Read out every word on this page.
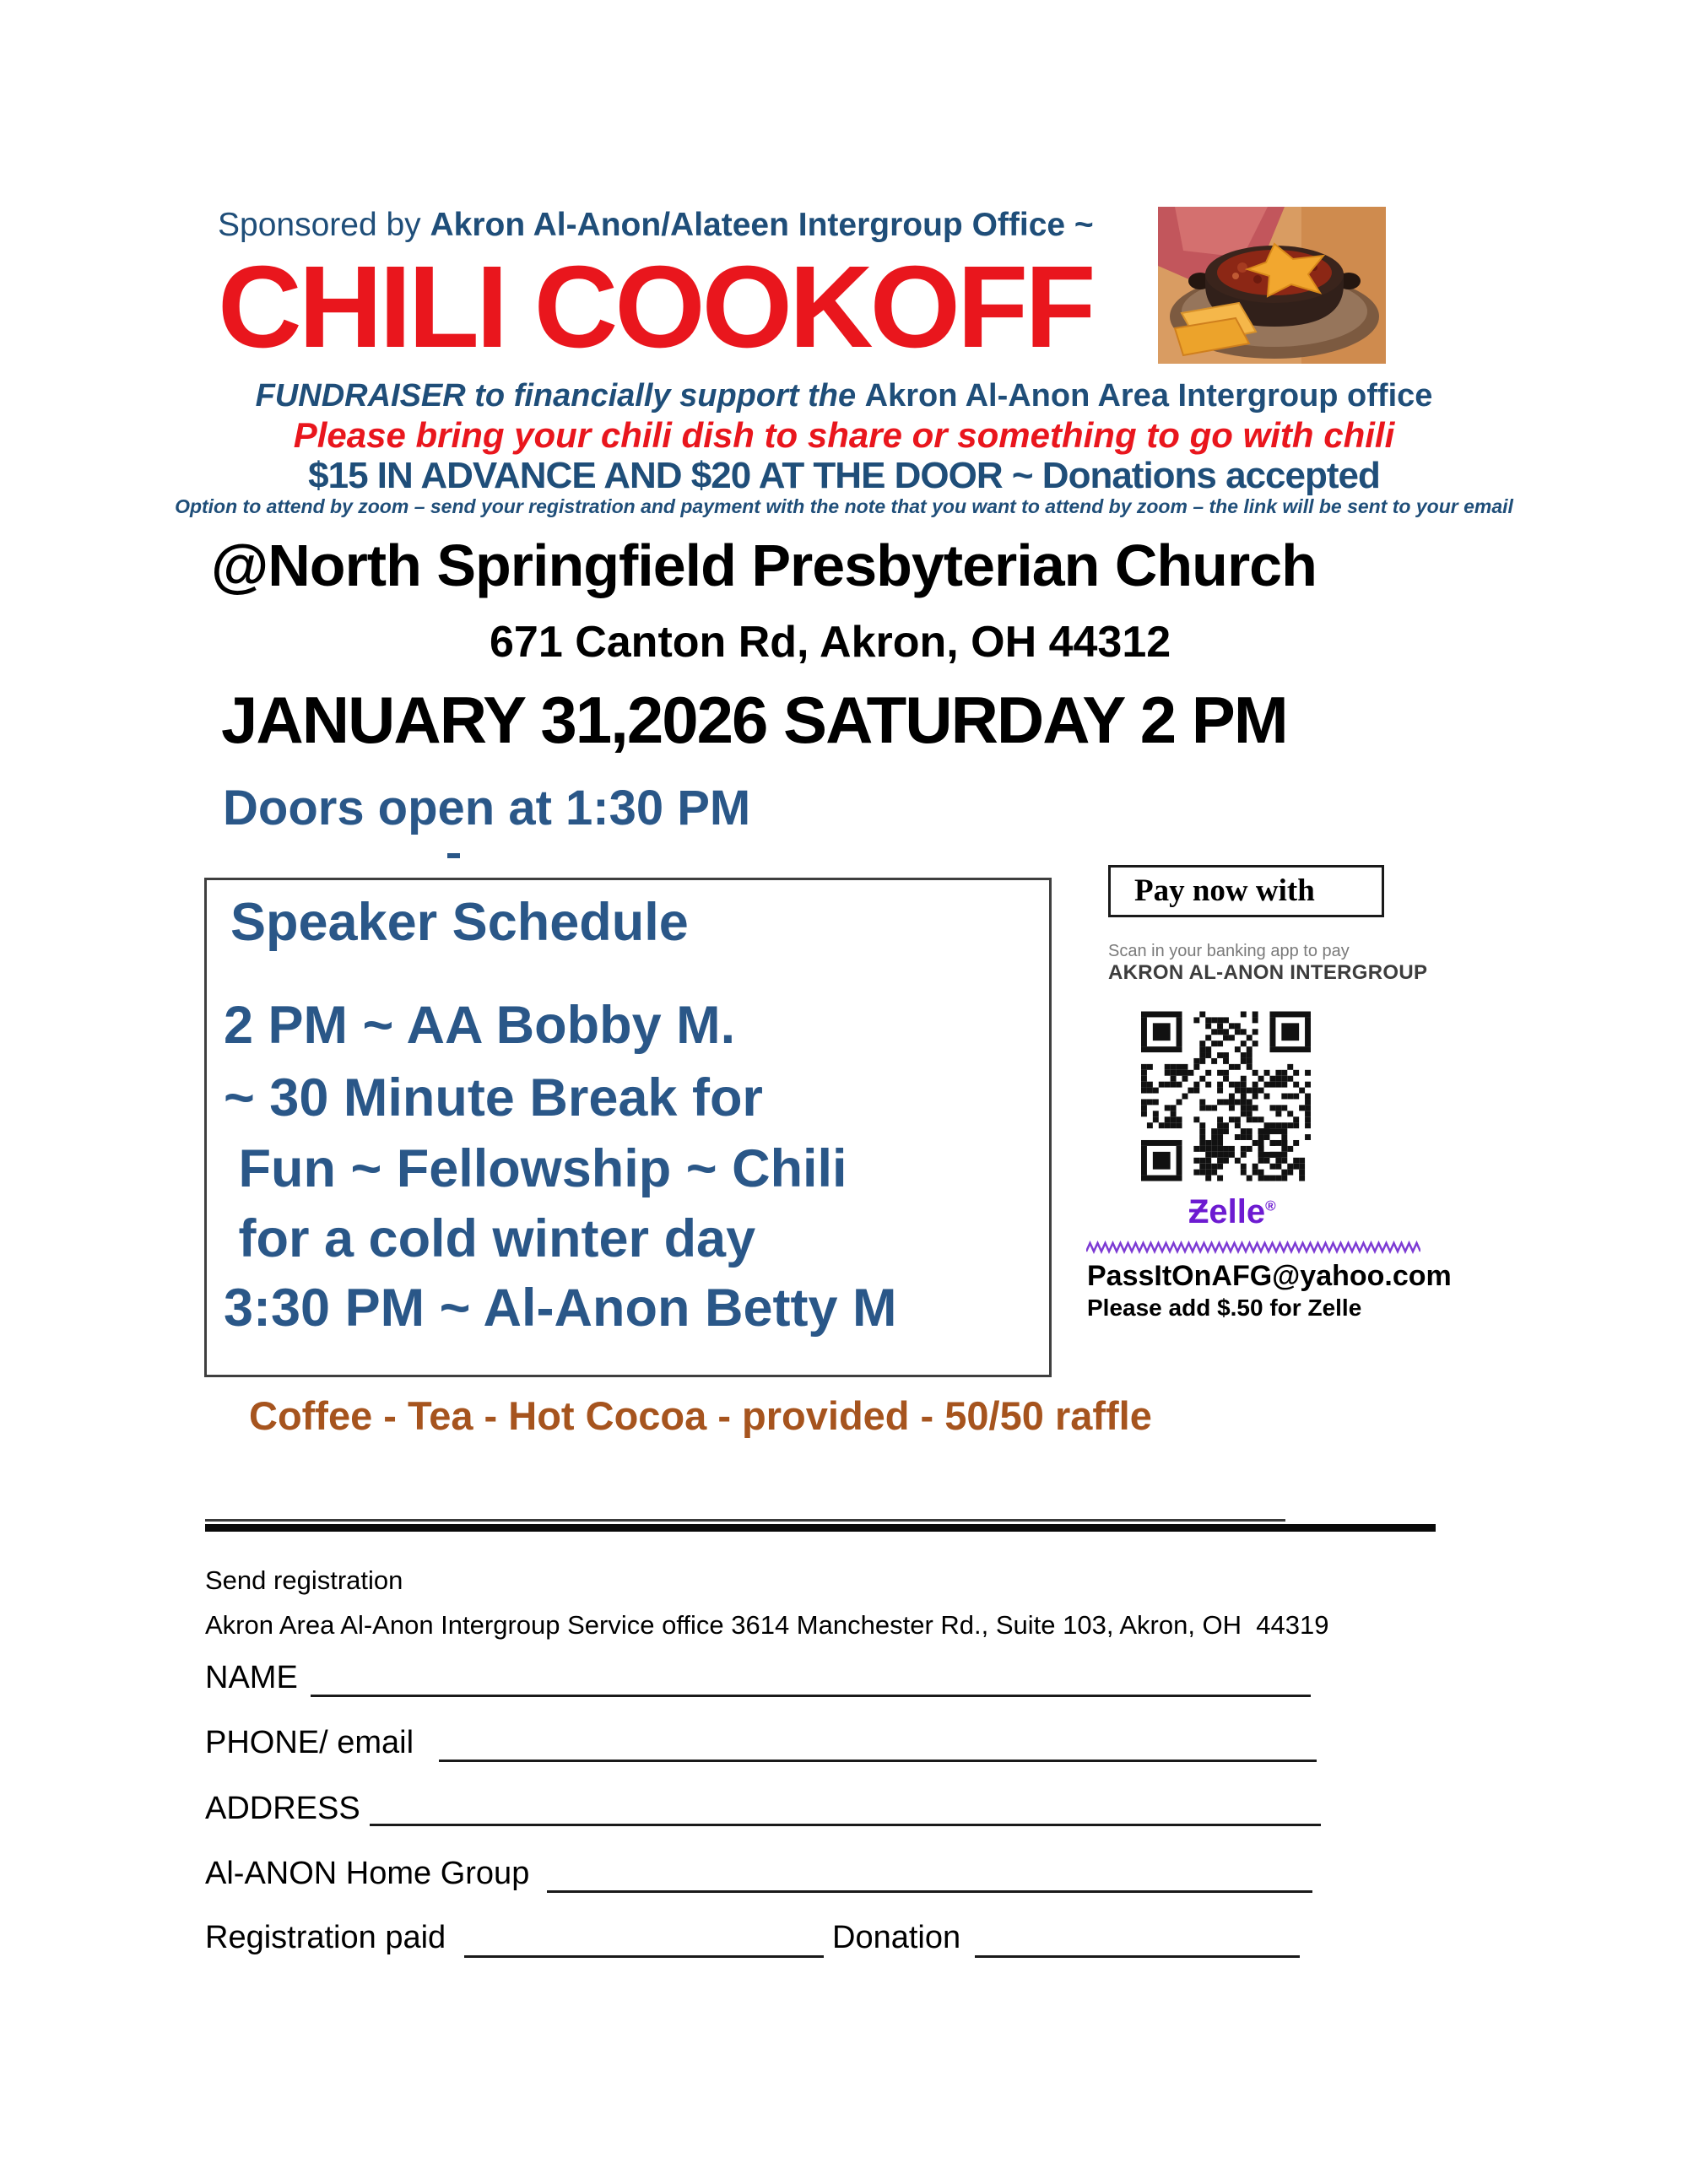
Sponsored by Akron Al-Anon/Alateen Intergroup Office ~
CHILI COOKOFF
FUNDRAISER to financially support the Akron Al-Anon Area Intergroup office
Please bring your chili dish to share or something to go with chili
$15 IN ADVANCE AND $20 AT THE DOOR ~ Donations accepted
Option to attend by zoom – send your registration and payment with the note that you want to attend by zoom – the link will be sent to your email
@North Springfield Presbyterian Church
671 Canton Rd, Akron, OH 44312
JANUARY 31,2026 SATURDAY 2 PM
Doors open at 1:30 PM
Speaker Schedule
2 PM ~ AA Bobby M.
~ 30 Minute Break for
Fun ~ Fellowship ~ Chili
for a cold winter day
3:30 PM ~ Al-Anon Betty M
Pay now with
Scan in your banking app to pay
AKRON AL-ANON INTERGROUP
Ƶelle®
PassItOnAFG@yahoo.com
Please add $.50 for Zelle
Coffee - Tea - Hot Cocoa - provided - 50/50 raffle
Send registration
Akron Area Al-Anon Intergroup Service office 3614 Manchester Rd., Suite 103, Akron, OH  44319
NAME
PHONE/ email
ADDRESS
Al-ANON Home Group
Registration paid	Donation
